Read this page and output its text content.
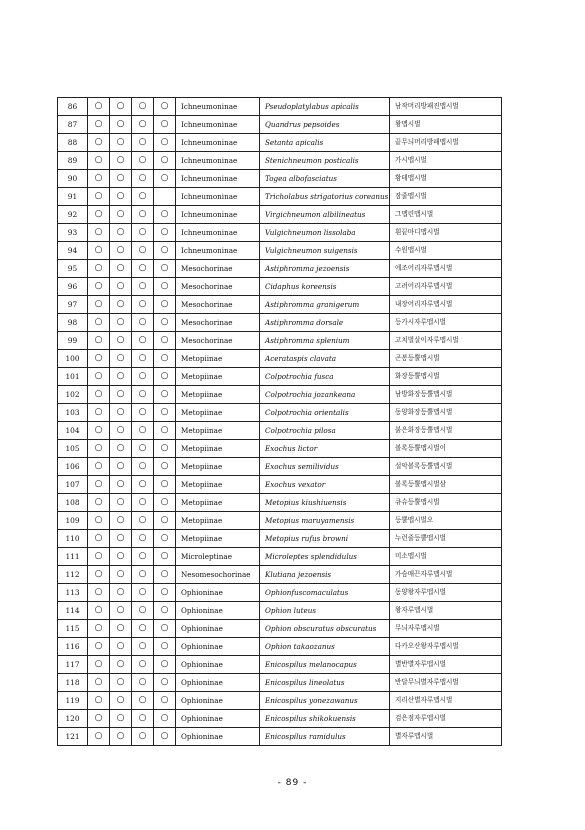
86	○	○	○	○	Ichneumoninae	Pseudoplatylabus apicalis	남작머리방패진맵시벌
87	○	○	○	○	Ichneumoninae	Quandrus pepsoides	왕맵시벌
88	○	○	○	○	Ichneumoninae	Setanta apicalis	끝무늬머리방패맵시벌
89	○	○	○	○	Ichneumoninae	Stenichneumon posticalis	가시맵시벌
90	○	○	○	○	Ichneumoninae	Togea albofasciatus	황테맵시벌
91	○	○	○		Ichneumoninae	Tricholabus strigatorius coreanus	잠줄맵시벌
92	○	○	○	○	Ichneumoninae	Virgichneumon albilineatus	그맵린맵시벌
93	○	○	○	○	Ichneumoninae	Vulgichneumon lissolaba	흰끝마디맵시벌
94	○	○	○	○	Ichneumoninae	Vulgichneumon suigensis	수원맵시벌
95	○	○	○	○	Mesochorinae	Astiphromma jezoensis	에조어리자루맵시벌
96	○	○	○	○	Mesochorinae	Cidaphus koreensis	고려어리자루맵시벌
97	○	○	○	○	Mesochorinae	Astiphromma granigerum	내장어리자루맵시벌
98	○	○	○	○	Mesochorinae	Astiphromma dorsale	등가시자루맵시벌
99	○	○	○	○	Mesochorinae	Astiphromma splenium	고치벌살이자루맵시벌
100	○	○	○	○	Metopiinae	Acerataspis clavata	곤봉등뿔맵시벌
101	○	○	○	○	Metopiinae	Colpotrochia fusca	화장등뿔맵시벌
102	○	○	○	○	Metopiinae	Colpotrochia jozankeana	남방화장등뿔맵시벌
103	○	○	○	○	Metopiinae	Colpotrochia orientalis	동양화장등뿔맵시벌
104	○	○	○	○	Metopiinae	Colpotrochia pilosa	붉은화장등뿔맵시벌
105	○	○	○	○	Metopiinae	Exochus lictor	볼록등뿔맵시벌이
106	○	○	○	○	Metopiinae	Exochus semilividus	설악볼록등뿔맵시벌
107	○	○	○	○	Metopiinae	Exochus vexator	볼록등뿔맵시벌삼
108	○	○	○	○	Metopiinae	Metopius kiushiuensis	큐슈등뿔맵시벌
109	○	○	○	○	Metopiinae	Metopius maruyamensis	등뿔맵시벌오
110	○	○	○	○	Metopiinae	Metopius rufus browni	누런줄등뿔맵시벌
111	○	○	○	○	Microleptinae	Microleptes splendidulus	미소맵시벌
112	○	○	○	○	Nesomesochorinae	Klutiana jezoensis	가슴매끈자루맵시벌
113	○	○	○	○	Ophioninae	Ophionfuscomaculatus	동양왕자루맵시벌
114	○	○	○	○	Ophioninae	Ophion luteus	왕자루맵시벌
115	○	○	○	○	Ophioninae	Ophion obscuratus obscuratus	무늬자루맵시벌
116	○	○	○	○	Ophioninae	Ophion takaozanus	다카오산왕자루맵시벌
117	○	○	○	○	Ophioninae	Enicospilus melanocapus	별반별자루맵시벌
118	○	○	○	○	Ophioninae	Enicospilus lineolatus	반달무늬별자루맵시벌
119	○	○	○	○	Ophioninae	Enicospilus yonezawanus	지리산별자루맵시벌
120	○	○	○	○	Ophioninae	Enicospilus shikokuensis	검은점자루맵시벌
121	○	○	○	○	Ophioninae	Enicospilus ramidulus	별자루맵시벌
- 89 -
